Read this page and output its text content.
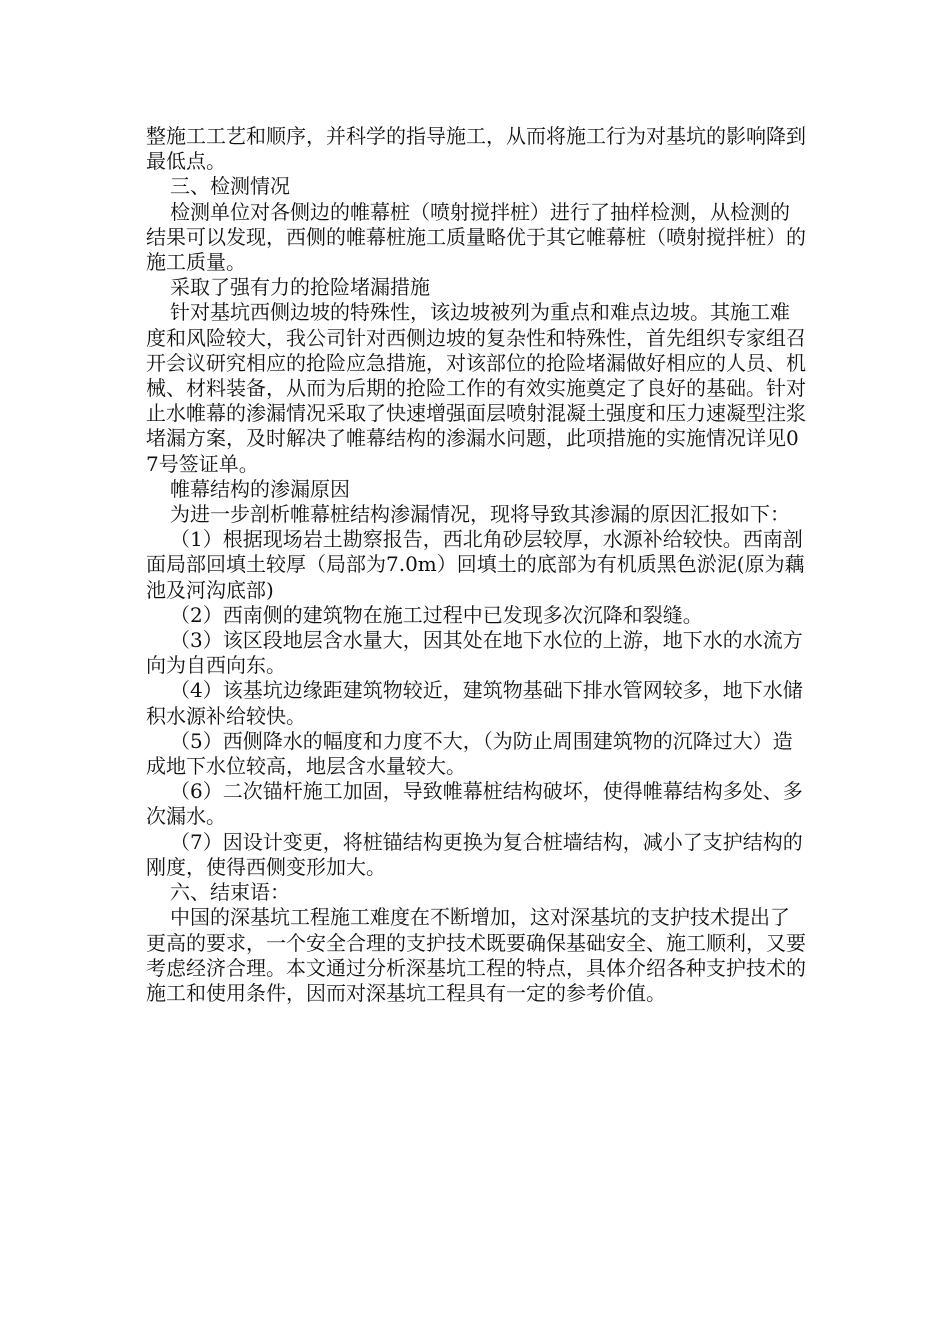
整施工工艺和顺序，并科学的指导施工，从而将施工行为对基坑的影响降到最低点。

三、检测情况

检测单位对各侧边的帷幕桩（喷射搅拌桩）进行了抽样检测，从检测的结果可以发现，西侧的帷幕桩施工质量略优于其它帷幕桩（喷射搅拌桩）的施工质量。

采取了强有力的抢险堵漏措施

针对基坑西侧边坡的特殊性，该边坡被列为重点和难点边坡。其施工难度和风险较大，我公司针对西侧边坡的复杂性和特殊性，首先组织专家组召开会议研究相应的抢险应急措施，对该部位的抢险堵漏做好相应的人员、机械、材料装备，从而为后期的抢险工作的有效实施奠定了良好的基础。针对止水帷幕的渗漏情况采取了快速增强面层喷射混凝土强度和压力速凝型注浆堵漏方案，及时解决了帷幕结构的渗漏水问题，此项措施的实施情况详见07号签证单。

帷幕结构的渗漏原因

为进一步剖析帷幕桩结构渗漏情况，现将导致其渗漏的原因汇报如下：

（1）根据现场岩土勘察报告，西北角砂层较厚，水源补给较快。西南剖面局部回填土较厚（局部为7.0m）回填土的底部为有机质黑色淤泥(原为藕池及河沟底部)

（2）西南侧的建筑物在施工过程中已发现多次沉降和裂缝。

（3）该区段地层含水量大，因其处在地下水位的上游，地下水的水流方向为自西向东。

（4）该基坑边缘距建筑物较近，建筑物基础下排水管网较多，地下水储积水源补给较快。

（5）西侧降水的幅度和力度不大，（为防止周围建筑物的沉降过大）造成地下水位较高，地层含水量较大。

（6）二次锚杆施工加固，导致帷幕桩结构破坏，使得帷幕结构多处、多次漏水。

（7）因设计变更，将桩锚结构更换为复合桩墙结构，减小了支护结构的刚度，使得西侧变形加大。

六、结束语：

中国的深基坑工程施工难度在不断增加，这对深基坑的支护技术提出了更高的要求，一个安全合理的支护技术既要确保基础安全、施工顺利，又要考虑经济合理。本文通过分析深基坑工程的特点，具体介绍各种支护技术的施工和使用条件，因而对深基坑工程具有一定的参考价值。
